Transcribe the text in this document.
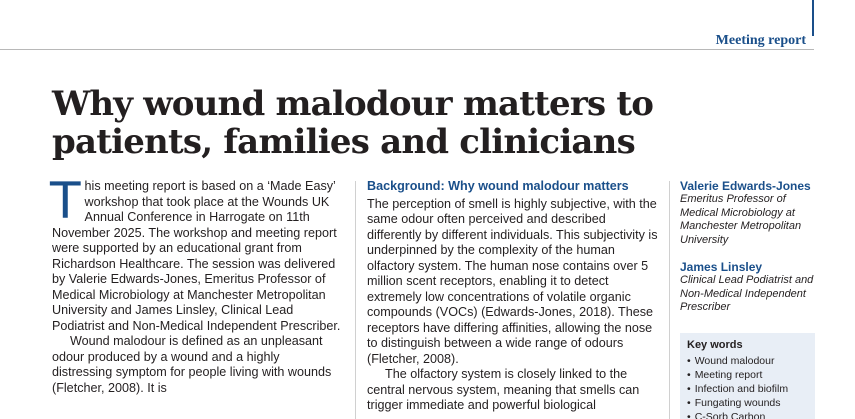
Meeting report
Why wound malodour matters to patients, families and clinicians

This meeting report is based on a ‘Made Easy’ workshop that took place at the Wounds UK Annual Conference in Harrogate on 11th November 2025. The workshop and meeting report were supported by an educational grant from Richardson Healthcare. The session was delivered by Valerie Edwards-Jones, Emeritus Professor of Medical Microbiology at Manchester Metropolitan University and James Linsley, Clinical Lead Podiatrist and Non-Medical Independent Prescriber.

Wound malodour is defined as an unpleasant odour produced by a wound and a highly distressing symptom for people living with wounds (Fletcher, 2008). It is

Background: Why wound malodour matters

The perception of smell is highly subjective, with the same odour often perceived and described differently by different individuals. This subjectivity is underpinned by the complexity of the human olfactory system. The human nose contains over 5 million scent receptors, enabling it to detect extremely low concentrations of volatile organic compounds (VOCs) (Edwards-Jones, 2018). These receptors have differing affinities, allowing the nose to distinguish between a wide range of odours (Fletcher, 2008).

The olfactory system is closely linked to the central nervous system, meaning that smells can trigger immediate and powerful biological

Valerie Edwards-Jones

Emeritus Professor of Medical Microbiology at Manchester Metropolitan University

James Linsley

Clinical Lead Podiatrist and Non-Medical Independent Prescriber

Key words

• Wound malodour

• Meeting report

• Infection and biofilm

• Fungating wounds

• C-Sorb Carbon
